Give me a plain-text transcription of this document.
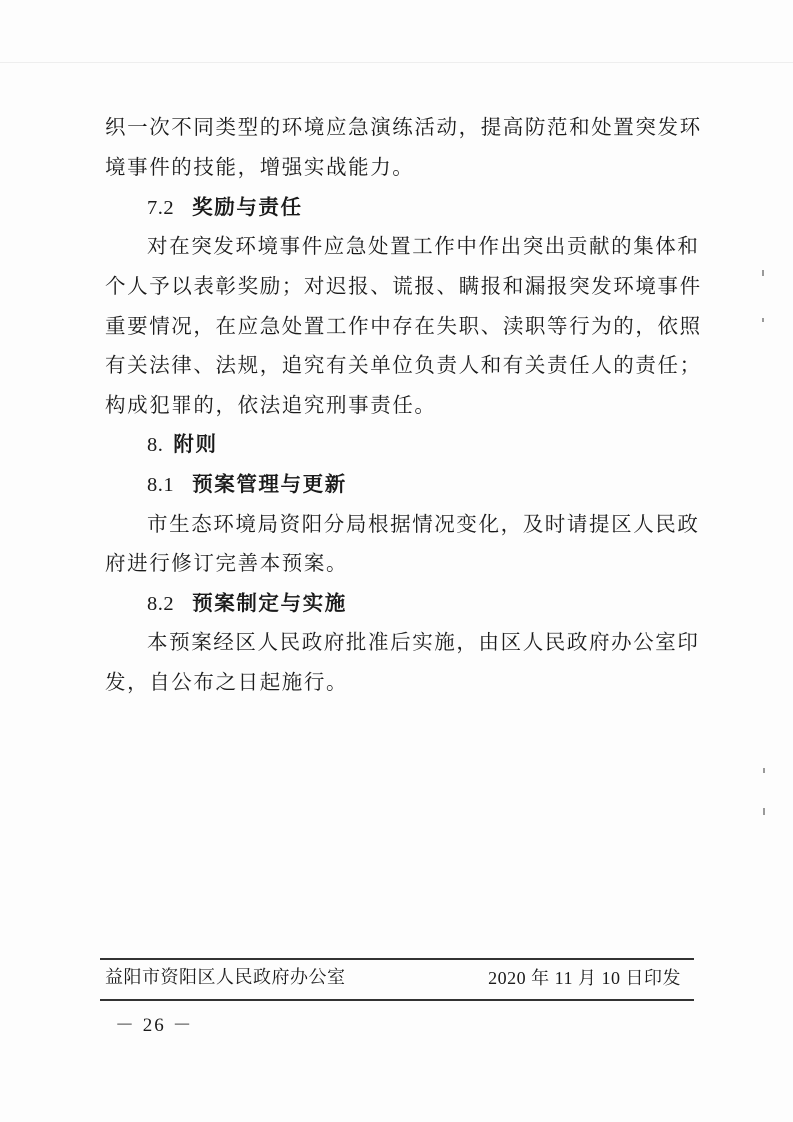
织一次不同类型的环境应急演练活动，提高防范和处置突发环
境事件的技能，增强实战能力。
7.2 奖励与责任
对在突发环境事件应急处置工作中作出突出贡献的集体和
个人予以表彰奖励；对迟报、谎报、瞒报和漏报突发环境事件
重要情况，在应急处置工作中存在失职、渎职等行为的，依照
有关法律、法规，追究有关单位负责人和有关责任人的责任；
构成犯罪的，依法追究刑事责任。
8. 附则
8.1 预案管理与更新
市生态环境局资阳分局根据情况变化，及时请提区人民政
府进行修订完善本预案。
8.2 预案制定与实施
本预案经区人民政府批准后实施，由区人民政府办公室印
发，自公布之日起施行。
益阳市资阳区人民政府办公室	2020 年 11 月 10 日印发
－ 26 －
